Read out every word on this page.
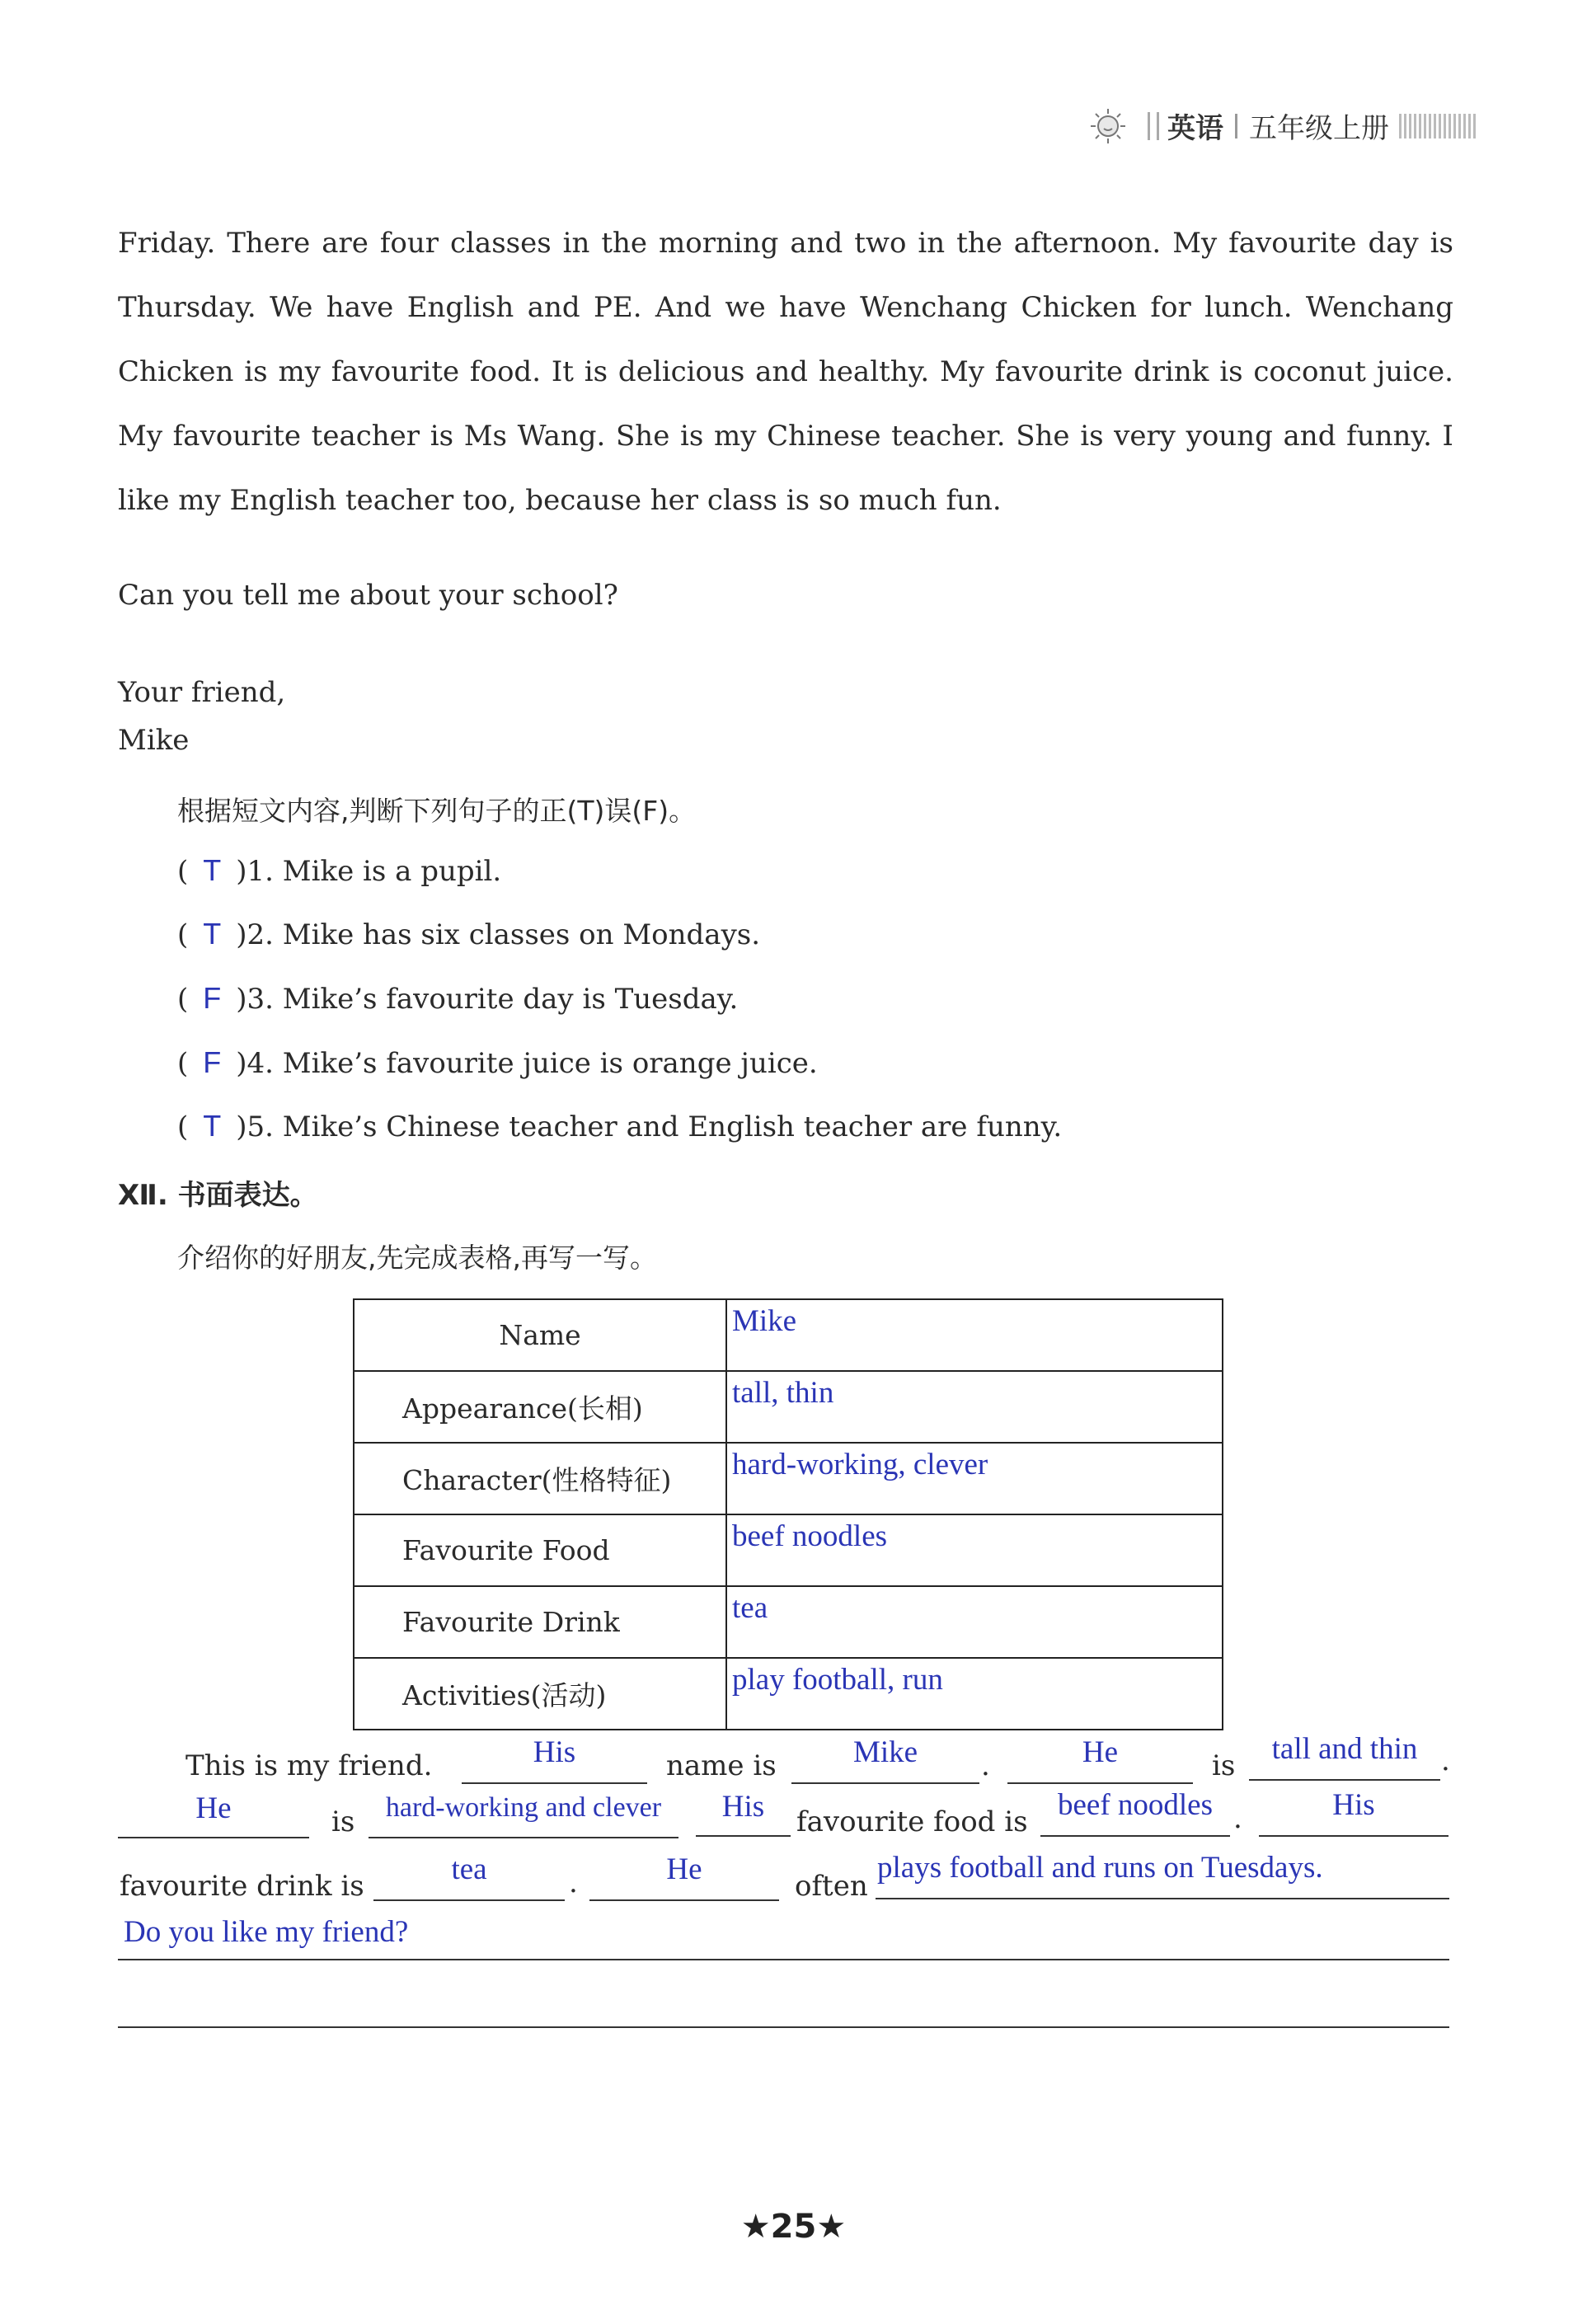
英语 五年级上册
Friday. There are four classes in the morning and two in the afternoon. My favourite day is Thursday. We have English and PE. And we have Wenchang Chicken for lunch. Wenchang Chicken is my favourite food. It is delicious and healthy. My favourite drink is coconut juice. My favourite teacher is Ms Wang. She is my Chinese teacher. She is very young and funny. I like my English teacher too, because her class is so much fun.
Can you tell me about your school?
Your friend,
Mike
根据短文内容,判断下列句子的正(T)误(F)。
( T )1. Mike is a pupil.
( T )2. Mike has six classes on Mondays.
( F )3. Mike’s favourite day is Tuesday.
( F )4. Mike’s favourite juice is orange juice.
( T )5. Mike’s Chinese teacher and English teacher are funny.
Ⅻ. 书面表达。
介绍你的好朋友,先完成表格,再写一写。
Name	Mike
Appearance(长相)	tall, thin
Character(性格特征)	hard-working, clever
Favourite Food	beef noodles
Favourite Drink	tea
Activities(活动)	play football, run
This is my friend.	His	name is	Mike	.	He	is	tall and thin .
He	is	hard-working and clever	His	favourite food is beef noodles .	His
favourite drink is	tea	.	He	often
plays football and runs on Tuesdays.
Do you like my friend?
★25★
